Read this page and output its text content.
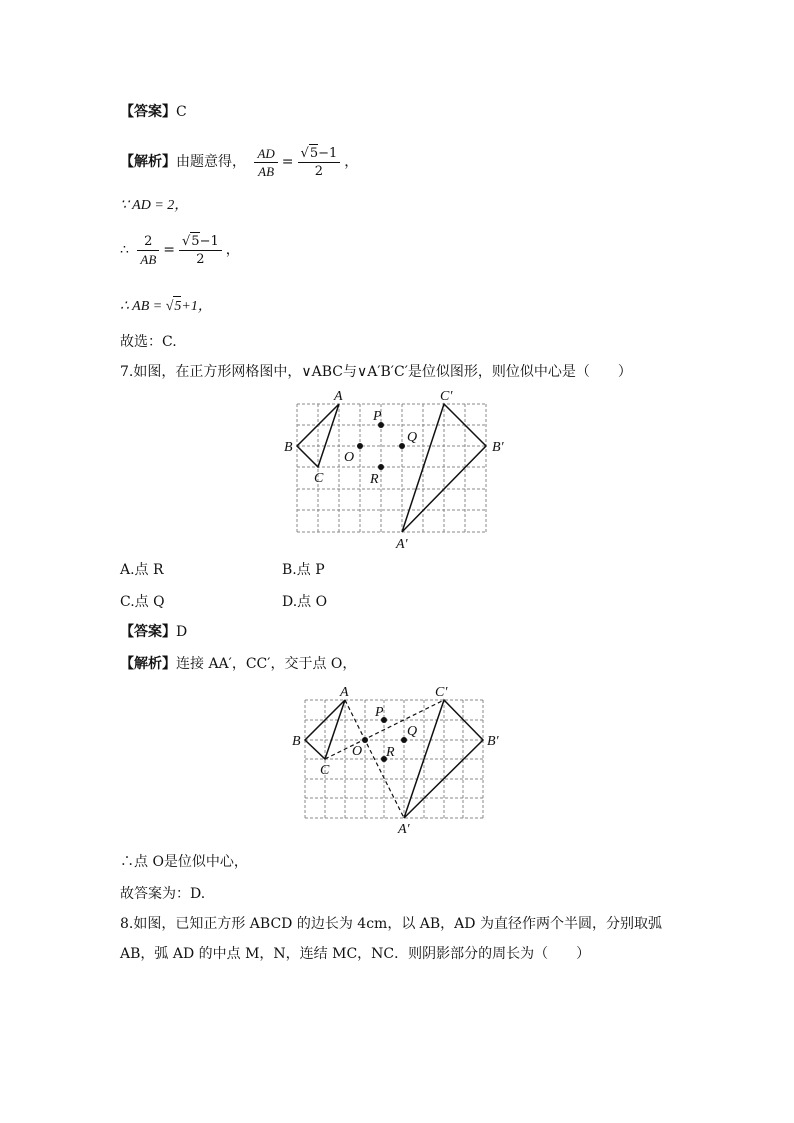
【答案】C
【解析】由题意得， $\frac{AD}{AB} = \frac{√5-1}{2}$ ，
∵ AD = 2，
∴ $\frac{2}{AB} = \frac{√5-1}{2}$ ，
∴ AB = √5+1，
故选：C.
7.如图，在正方形网格图中，∨ABC与∨A′B′C′是位似图形，则位似中心是（　　）
A
B
C
P
O
Q
R
C′
B′
A′
A.点 R	B.点 P
C.点 Q	D.点 O
【答案】D
【解析】连接 AA′，CC′，交于点 O，
A
B
C
P
O
Q
R
C′
B′
A′
∴点 O是位似中心，
故答案为：D.
8.如图，已知正方形 ABCD 的边长为 4cm，以 AB，AD 为直径作两个半圆，分别取弧
AB，弧 AD 的中点 M，N，连结 MC，NC．则阴影部分的周长为（　　）
